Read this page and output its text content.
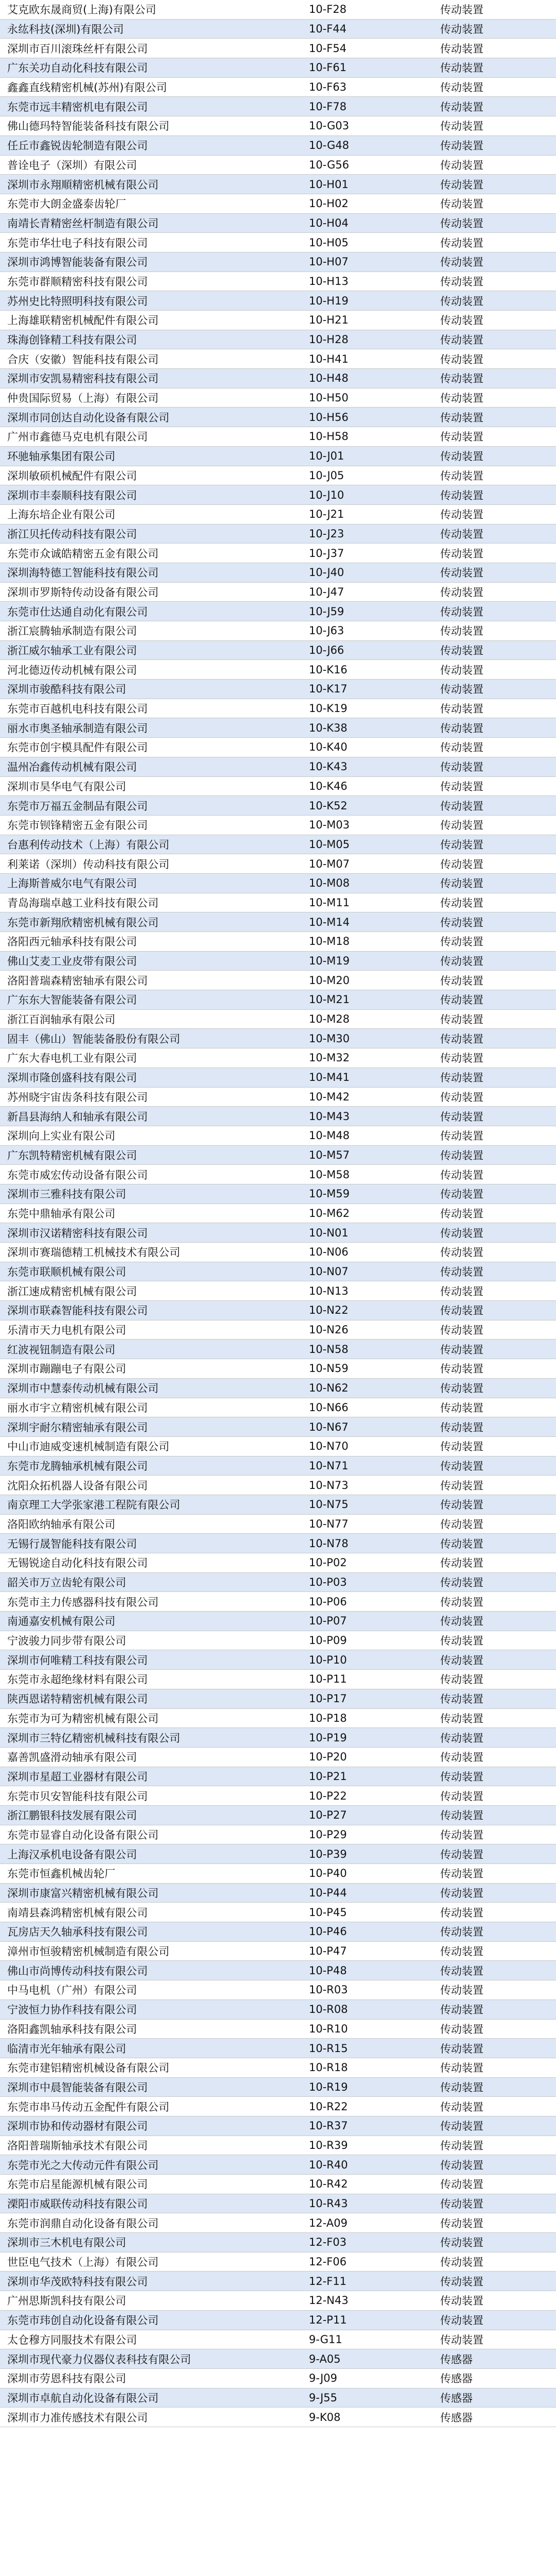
艾克欧东晟商贸(上海)有限公司	10-F28	传动装置
永纮科技(深圳)有限公司	10-F44	传动装置
深圳市百川滚珠丝杆有限公司	10-F54	传动装置
广东关功自动化科技有限公司	10-F61	传动装置
鑫鑫直线精密机械(苏州)有限公司	10-F63	传动装置
东莞市远丰精密机电有限公司	10-F78	传动装置
佛山德玛特智能装备科技有限公司	10-G03	传动装置
任丘市鑫锐齿轮制造有限公司	10-G48	传动装置
普诠电子（深圳）有限公司	10-G56	传动装置
深圳市永翔順精密机械有限公司	10-H01	传动装置
东莞市大朗金盛泰齿轮厂	10-H02	传动装置
南靖长青精密丝杆制造有限公司	10-H04	传动装置
东莞市华壮电子科技有限公司	10-H05	传动装置
深圳市鸿博智能装备有限公司	10-H07	传动装置
东莞市群顺精密科技有限公司	10-H13	传动装置
苏州史比特照明科技有限公司	10-H19	传动装置
上海雄联精密机械配件有限公司	10-H21	传动装置
珠海创锋精工科技有限公司	10-H28	传动装置
合庆（安徽）智能科技有限公司	10-H41	传动装置
深圳市安凯易精密科技有限公司	10-H48	传动装置
仲贵国际贸易（上海）有限公司	10-H50	传动装置
深圳市同创达自动化设备有限公司	10-H56	传动装置
广州市鑫德马克电机有限公司	10-H58	传动装置
环驰轴承集团有限公司	10-J01	传动装置
深圳敏硕机械配件有限公司	10-J05	传动装置
深圳市丰泰顺科技有限公司	10-J10	传动装置
上海东培企业有限公司	10-J21	传动装置
浙江贝托传动科技有限公司	10-J23	传动装置
东莞市众诚皓精密五金有限公司	10-J37	传动装置
深圳海特德工智能科技有限公司	10-J40	传动装置
深圳市罗斯特传动设备有限公司	10-J47	传动装置
东莞市仕达通自动化有限公司	10-J59	传动装置
浙江宸腾轴承制造有限公司	10-J63	传动装置
浙江威尔轴承工业有限公司	10-J66	传动装置
河北德迈传动机械有限公司	10-K16	传动装置
深圳市骏酷科技有限公司	10-K17	传动装置
东莞市百越机电科技有限公司	10-K19	传动装置
丽水市奥圣轴承制造有限公司	10-K38	传动装置
东莞市创宇模具配件有限公司	10-K40	传动装置
温州冶鑫传动机械有限公司	10-K43	传动装置
深圳市昊华电气有限公司	10-K46	传动装置
东莞市万福五金制品有限公司	10-K52	传动装置
东莞市钡锋精密五金有限公司	10-M03	传动装置
台惠利传动技术（上海）有限公司	10-M05	传动装置
利莱诺（深圳）传动科技有限公司	10-M07	传动装置
上海斯普威尔电气有限公司	10-M08	传动装置
青岛海瑞卓越工业科技有限公司	10-M11	传动装置
东莞市新翔欣精密机械有限公司	10-M14	传动装置
洛阳西元轴承科技有限公司	10-M18	传动装置
佛山艾麦工业皮带有限公司	10-M19	传动装置
洛阳普瑞森精密轴承有限公司	10-M20	传动装置
广东东大智能装备有限公司	10-M21	传动装置
浙江百润轴承有限公司	10-M28	传动装置
固丰（佛山）智能装备股份有限公司	10-M30	传动装置
广东大春电机工业有限公司	10-M32	传动装置
深圳市隆创盛科技有限公司	10-M41	传动装置
苏州晓宇宙齿条科技有限公司	10-M42	传动装置
新昌县海纳人和轴承有限公司	10-M43	传动装置
深圳向上实业有限公司	10-M48	传动装置
广东凯特精密机械有限公司	10-M57	传动装置
东莞市威宏传动设备有限公司	10-M58	传动装置
深圳市三雅科技有限公司	10-M59	传动装置
东莞中鼎轴承有限公司	10-M62	传动装置
深圳市汉诺精密科技有限公司	10-N01	传动装置
深圳市赛瑞德精工机械技术有限公司	10-N06	传动装置
东莞市联顺机械有限公司	10-N07	传动装置
浙江速成精密机械有限公司	10-N13	传动装置
深圳市联森智能科技有限公司	10-N22	传动装置
乐清市天力电机有限公司	10-N26	传动装置
红波视钮制造有限公司	10-N58	传动装置
深圳市蹦蹦电子有限公司	10-N59	传动装置
深圳市中慧泰传动机械有限公司	10-N62	传动装置
丽水市宇立精密机械有限公司	10-N66	传动装置
深圳宇耐尔精密轴承有限公司	10-N67	传动装置
中山市迪威变速机械制造有限公司	10-N70	传动装置
东莞市龙腾轴承机械有限公司	10-N71	传动装置
沈阳众拓机器人设备有限公司	10-N73	传动装置
南京理工大学张家港工程院有限公司	10-N75	传动装置
洛阳欧纳轴承有限公司	10-N77	传动装置
无锡行晟智能科技有限公司	10-N78	传动装置
无锡锐途自动化科技有限公司	10-P02	传动装置
韶关市万立齿轮有限公司	10-P03	传动装置
东莞市主力传感器科技有限公司	10-P06	传动装置
南通嘉安机械有限公司	10-P07	传动装置
宁波骏力同步带有限公司	10-P09	传动装置
深圳市何唯精工科技有限公司	10-P10	传动装置
东莞市永超绝缘材料有限公司	10-P11	传动装置
陕西恩诺特精密机械有限公司	10-P17	传动装置
东莞市为可为精密机械有限公司	10-P18	传动装置
深圳市三特亿精密机械科技有限公司	10-P19	传动装置
嘉善凯盛滑动轴承有限公司	10-P20	传动装置
深圳市星超工业器材有限公司	10-P21	传动装置
东莞市贝安智能科技有限公司	10-P22	传动装置
浙江鹏银科技发展有限公司	10-P27	传动装置
东莞市显睿自动化设备有限公司	10-P29	传动装置
上海汉承机电设备有限公司	10-P39	传动装置
东莞市恒鑫机械齿轮厂	10-P40	传动装置
深圳市康富兴精密机械有限公司	10-P44	传动装置
南靖县森鸿精密机械有限公司	10-P45	传动装置
瓦房店天久轴承科技有限公司	10-P46	传动装置
漳州市恒骏精密机械制造有限公司	10-P47	传动装置
佛山市尚博传动科技有限公司	10-P48	传动装置
中马电机（广州）有限公司	10-R03	传动装置
宁波恒力协作科技有限公司	10-R08	传动装置
洛阳鑫凯轴承科技有限公司	10-R10	传动装置
临清市光年轴承有限公司	10-R15	传动装置
东莞市建铝精密机械设备有限公司	10-R18	传动装置
深圳市中晨智能装备有限公司	10-R19	传动装置
东莞市串马传动五金配件有限公司	10-R22	传动装置
深圳市协和传动器材有限公司	10-R37	传动装置
洛阳普瑞斯轴承技术有限公司	10-R39	传动装置
东莞市光之大传动元件有限公司	10-R40	传动装置
东莞市启星能源机械有限公司	10-R42	传动装置
溧阳市威联传动科技有限公司	10-R43	传动装置
东莞市润鼎自动化设备有限公司	12-A09	传动装置
深圳市三木机电有限公司	12-F03	传动装置
世臣电气技术（上海）有限公司	12-F06	传动装置
深圳市华茂欧特科技有限公司	12-F11	传动装置
广州思斯凯科技有限公司	12-N43	传动装置
东莞市玮创自动化设备有限公司	12-P11	传动装置
太仓穆方同服技术有限公司	9-G11	传动装置
深圳市现代豪力仪器仪表科技有限公司	9-A05	传感器
深圳市劳恩科技有限公司	9-J09	传感器
深圳市卓航自动化设备有限公司	9-J55	传感器
深圳市力准传感技术有限公司	9-K08	传感器
